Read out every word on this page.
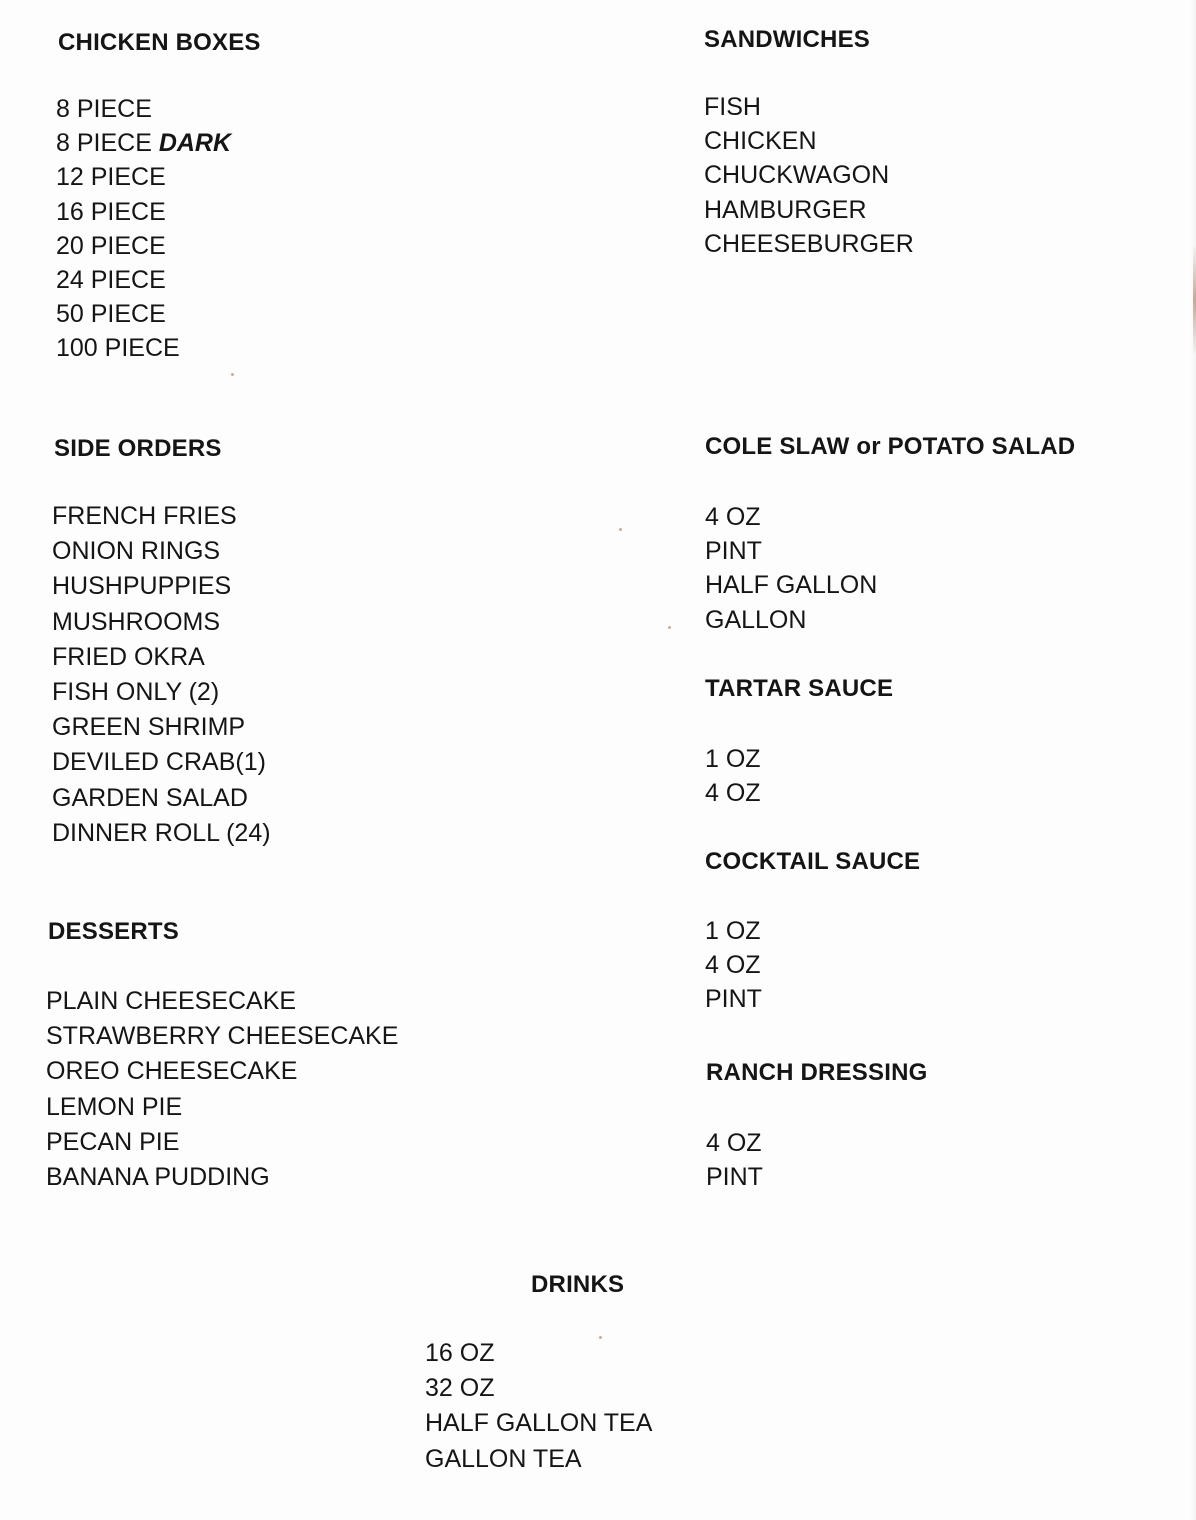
CHICKEN BOXES
8 PIECE
8 PIECE DARK
12 PIECE
16 PIECE
20 PIECE
24 PIECE
50 PIECE
100 PIECE
SANDWICHES
FISH
CHICKEN
CHUCKWAGON
HAMBURGER
CHEESEBURGER
SIDE ORDERS
FRENCH FRIES
ONION RINGS
HUSHPUPPIES
MUSHROOMS
FRIED OKRA
FISH ONLY (2)
GREEN SHRIMP
DEVILED CRAB(1)
GARDEN SALAD
DINNER ROLL (24)
COLE SLAW or POTATO SALAD
4 OZ
PINT
HALF GALLON
GALLON
TARTAR SAUCE
1 OZ
4 OZ
COCKTAIL SAUCE
1 OZ
4 OZ
PINT
DESSERTS
PLAIN CHEESECAKE
STRAWBERRY CHEESECAKE
OREO CHEESECAKE
LEMON PIE
PECAN PIE
BANANA PUDDING
RANCH DRESSING
4 OZ
PINT
DRINKS
16 OZ
32 OZ
HALF GALLON TEA
GALLON TEA
